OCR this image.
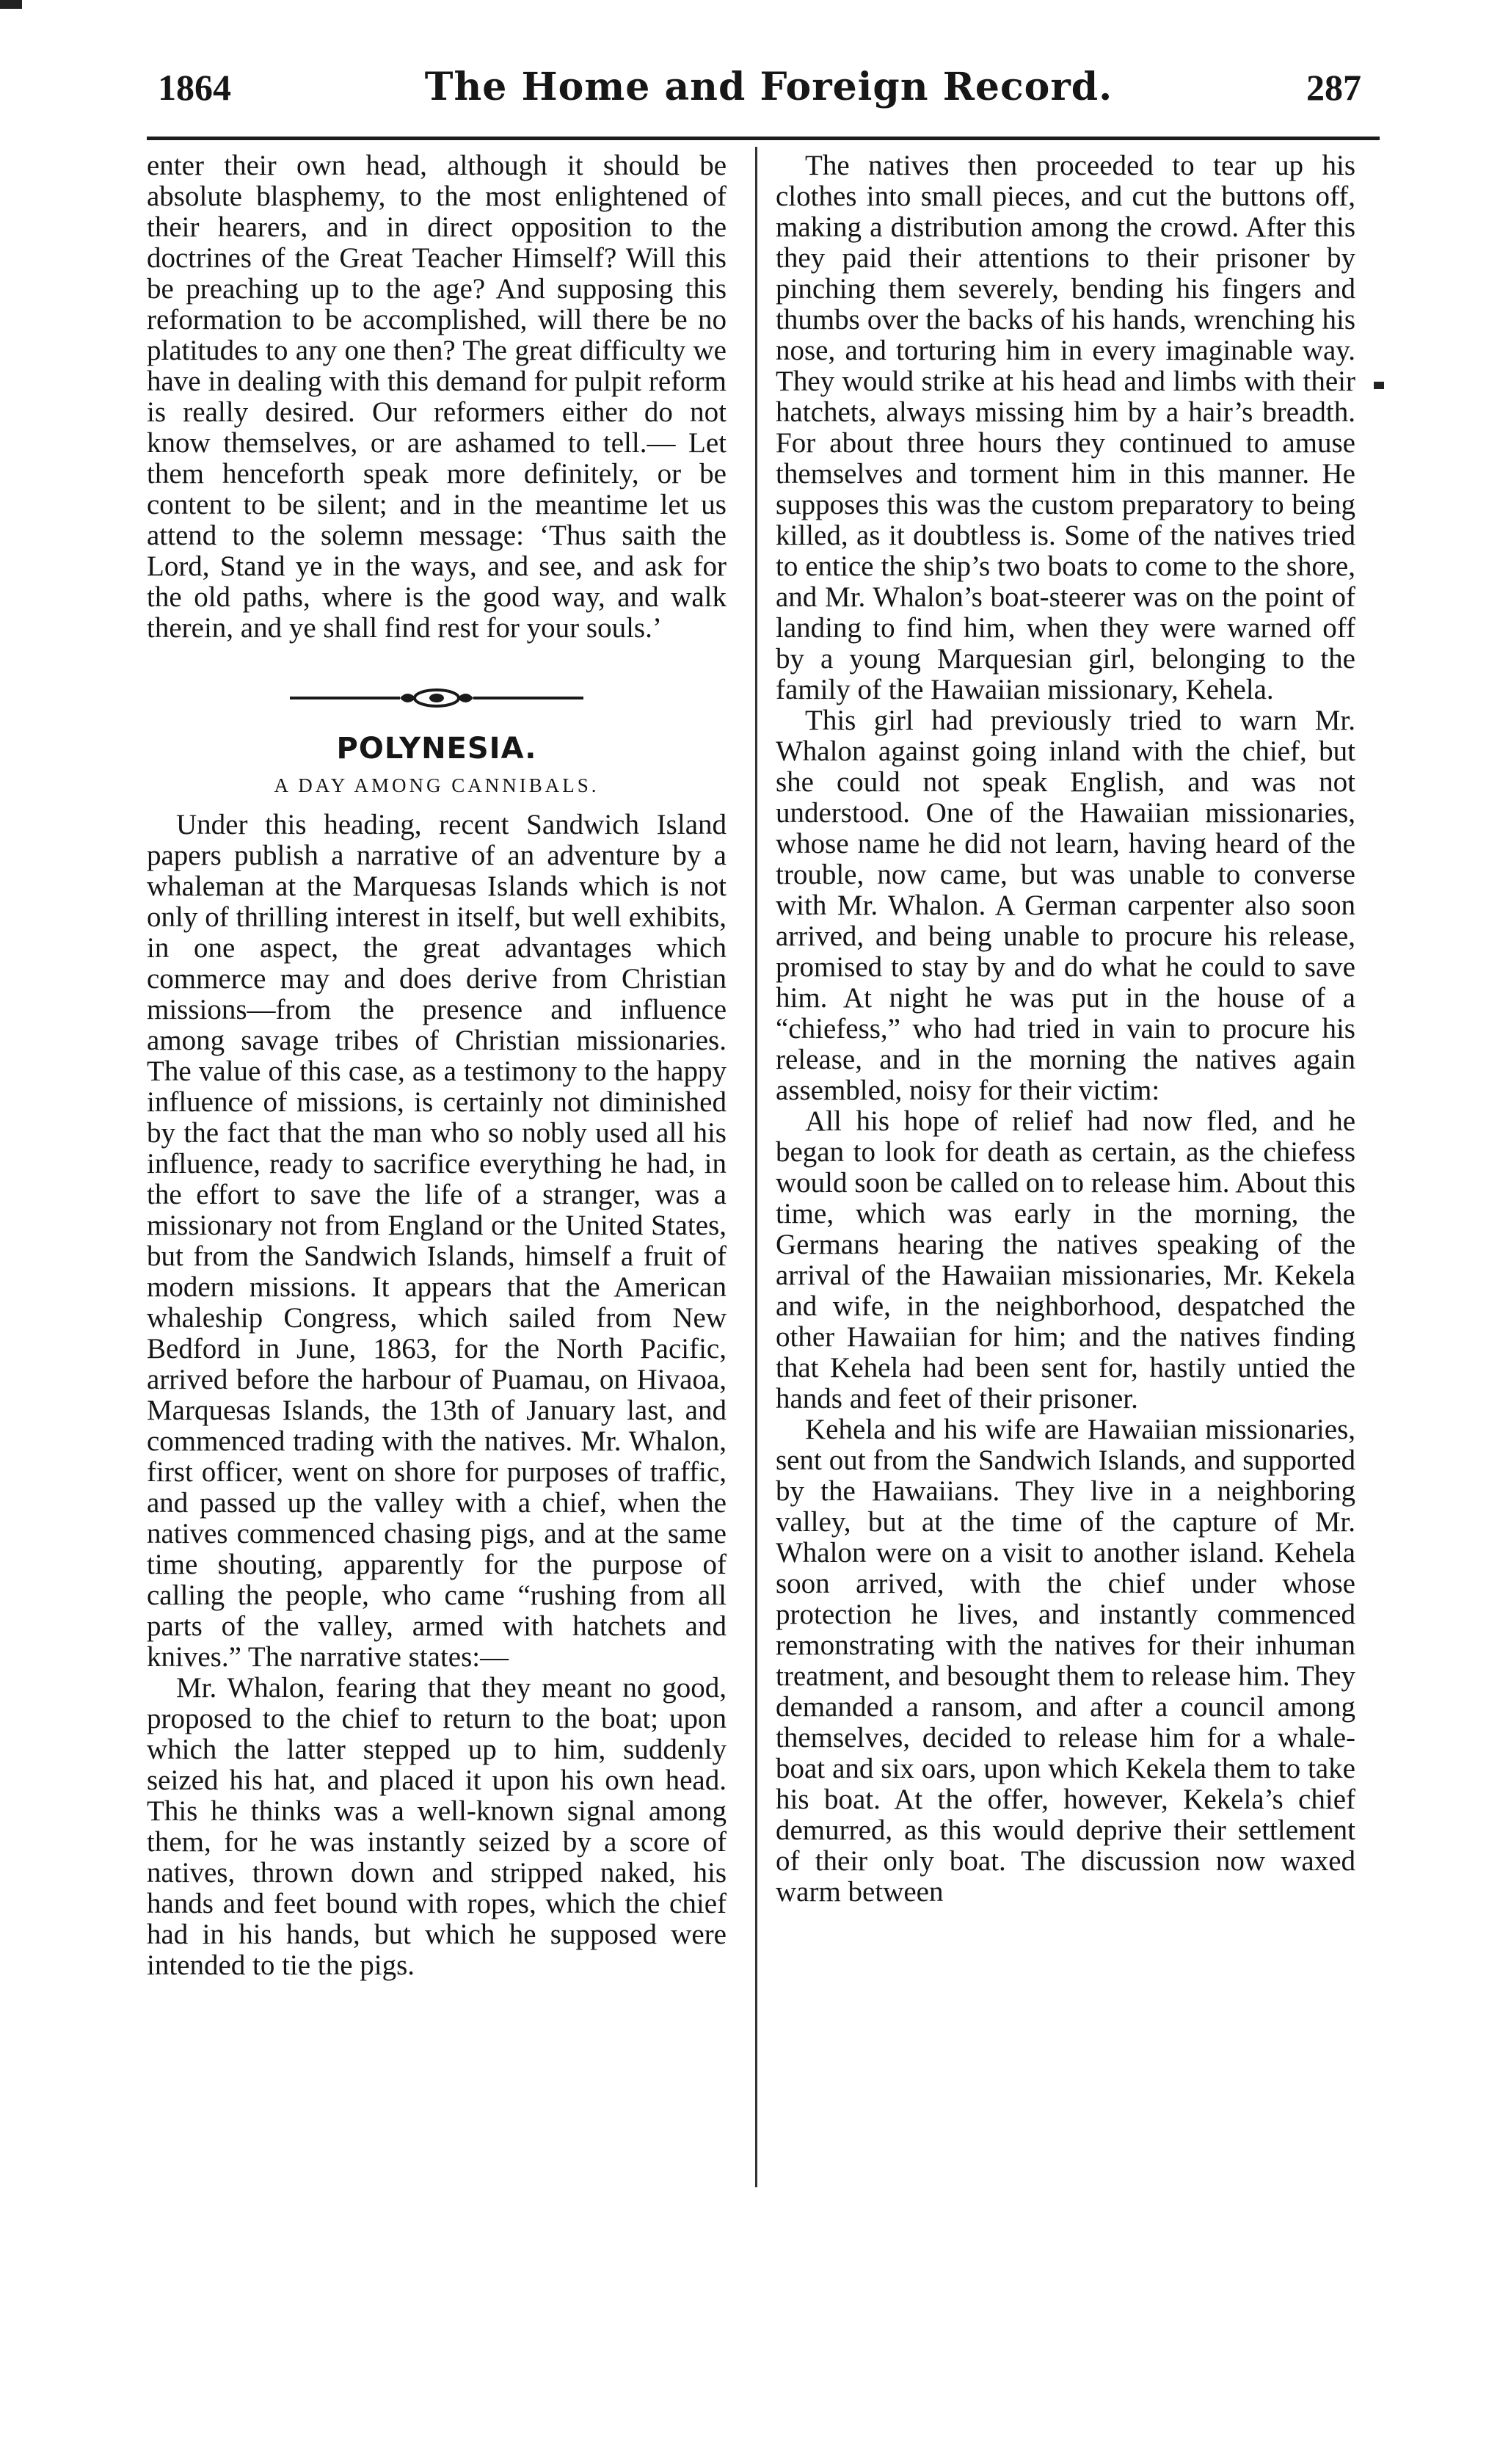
1864	The Home and Foreign Record.	287

enter their own head, although it should be absolute blasphemy, to the most enlightened of their hearers, and in direct opposition to the doctrines of the Great Teacher Himself? Will this be preaching up to the age? And supposing this reformation to be accomplished, will there be no platitudes to any one then? The great difficulty we have in dealing with this demand for pulpit reform is really desired. Our reformers either do not know themselves, or are ashamed to tell.— Let them henceforth speak more definitely, or be content to be silent; and in the meantime let us attend to the solemn message: ‘Thus saith the Lord, Stand ye in the ways, and see, and ask for the old paths, where is the good way, and walk therein, and ye shall find rest for your souls.’

POLYNESIA.
A DAY AMONG CANNIBALS.

Under this heading, recent Sandwich Island papers publish a narrative of an adventure by a whaleman at the Marquesas Islands which is not only of thrilling interest in itself, but well exhibits, in one aspect, the great advantages which commerce may and does derive from Christian missions—from the presence and influence among savage tribes of Christian missionaries. The value of this case, as a testimony to the happy influence of missions, is certainly not diminished by the fact that the man who so nobly used all his influence, ready to sacrifice everything he had, in the effort to save the life of a stranger, was a missionary not from England or the United States, but from the Sandwich Islands, himself a fruit of modern missions. It appears that the American whaleship Congress, which sailed from New Bedford in June, 1863, for the North Pacific, arrived before the harbour of Puamau, on Hivaoa, Marquesas Islands, the 13th of January last, and commenced trading with the natives. Mr. Whalon, first officer, went on shore for purposes of traffic, and passed up the valley with a chief, when the natives commenced chasing pigs, and at the same time shouting, apparently for the purpose of calling the people, who came “rushing from all parts of the valley, armed with hatchets and knives.” The narrative states:—

Mr. Whalon, fearing that they meant no good, proposed to the chief to return to the boat; upon which the latter stepped up to him, suddenly seized his hat, and placed it upon his own head. This he thinks was a well-known signal among them, for he was instantly seized by a score of natives, thrown down and stripped naked, his hands and feet bound with ropes, which the chief had in his hands, but which he supposed were intended to tie the pigs.

The natives then proceeded to tear up his clothes into small pieces, and cut the buttons off, making a distribution among the crowd. After this they paid their attentions to their prisoner by pinching them severely, bending his fingers and thumbs over the backs of his hands, wrenching his nose, and torturing him in every imaginable way. They would strike at his head and limbs with their hatchets, always missing him by a hair’s breadth. For about three hours they continued to amuse themselves and torment him in this manner. He supposes this was the custom preparatory to being killed, as it doubtless is. Some of the natives tried to entice the ship’s two boats to come to the shore, and Mr. Whalon’s boat-steerer was on the point of landing to find him, when they were warned off by a young Marquesian girl, belonging to the family of the Hawaiian missionary, Kehela.

This girl had previously tried to warn Mr. Whalon against going inland with the chief, but she could not speak English, and was not understood. One of the Hawaiian missionaries, whose name he did not learn, having heard of the trouble, now came, but was unable to converse with Mr. Whalon. A German carpenter also soon arrived, and being unable to procure his release, promised to stay by and do what he could to save him. At night he was put in the house of a “chiefess,” who had tried in vain to procure his release, and in the morning the natives again assembled, noisy for their victim:

All his hope of relief had now fled, and he began to look for death as certain, as the chiefess would soon be called on to release him. About this time, which was early in the morning, the Germans hearing the natives speaking of the arrival of the Hawaiian missionaries, Mr. Kekela and wife, in the neighborhood, despatched the other Hawaiian for him; and the natives finding that Kehela had been sent for, hastily untied the hands and feet of their prisoner.

Kehela and his wife are Hawaiian missionaries, sent out from the Sandwich Islands, and supported by the Hawaiians. They live in a neighboring valley, but at the time of the capture of Mr. Whalon were on a visit to another island. Kehela soon arrived, with the chief under whose protection he lives, and instantly commenced remonstrating with the natives for their inhuman treatment, and besought them to release him. They demanded a ransom, and after a council among themselves, decided to release him for a whale-boat and six oars, upon which Kekela them to take his boat. At the offer, however, Kekela’s chief demurred, as this would deprive their settlement of their only boat. The discussion now waxed warm between
